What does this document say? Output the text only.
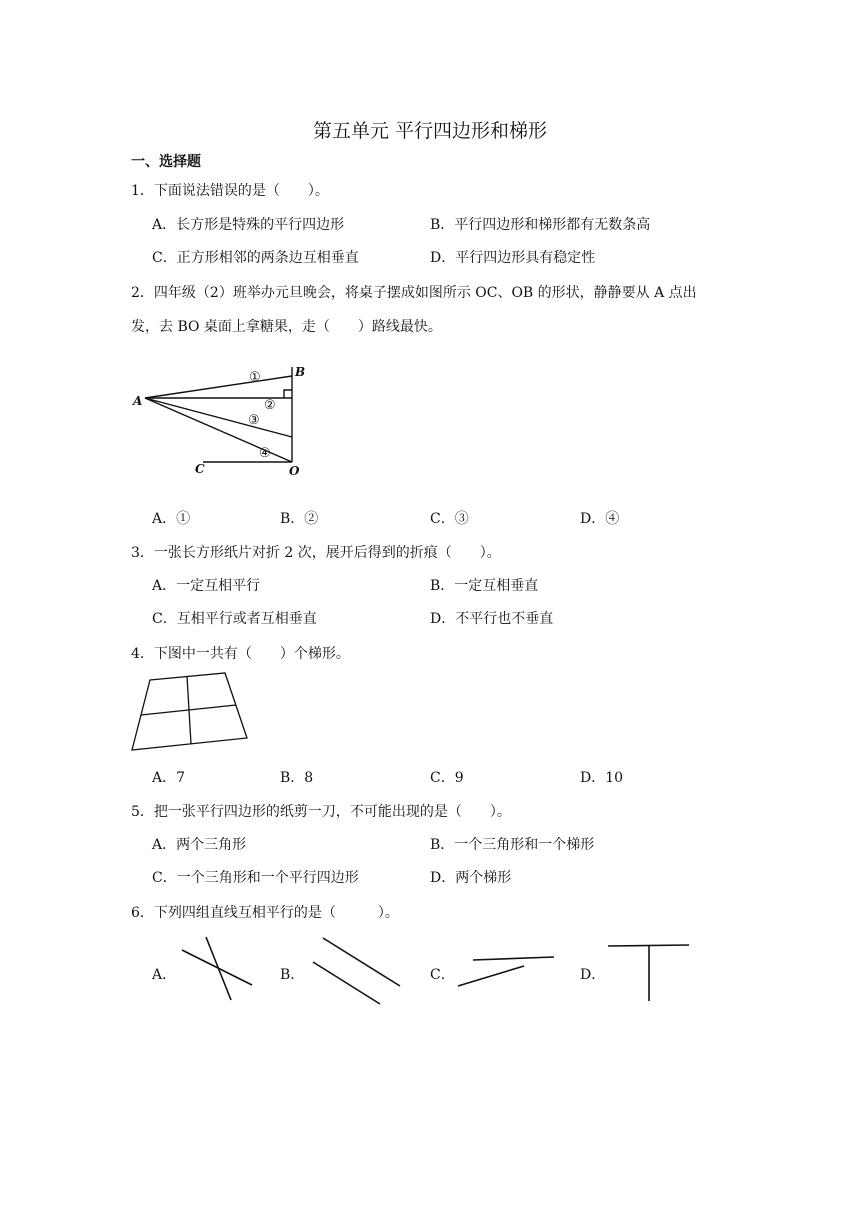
第五单元 平行四边形和梯形
一、选择题
1．下面说法错误的是（　　）。
A．长方形是特殊的平行四边形	B．平行四边形和梯形都有无数条高
C．正方形相邻的两条边互相垂直	D．平行四边形具有稳定性
2．四年级（2）班举办元旦晚会，将桌子摆成如图所示 OC、OB 的形状，静静要从 A 点出
发，去 BO 桌面上拿糖果，走（　　）路线最快。
A
B
C	O
①
②
③
④
A．①	B．②	C．③	D．④
3．一张长方形纸片对折 2 次，展开后得到的折痕（　　）。
A．一定互相平行	B．一定互相垂直
C．互相平行或者互相垂直	D．不平行也不垂直
4．下图中一共有（　　）个梯形。
A．7	B．8	C．9	D．10
5．把一张平行四边形的纸剪一刀，不可能出现的是（　　）。
A．两个三角形	B．一个三角形和一个梯形
C．一个三角形和一个平行四边形	D．两个梯形
6．下列四组直线互相平行的是（　　　）。
A．	B．	C．	D．
